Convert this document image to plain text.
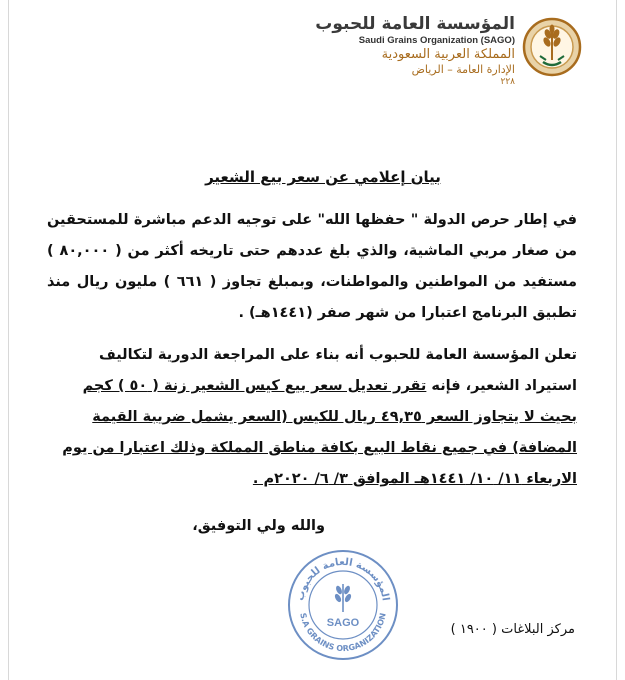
المؤسسة العامة للحبوب
Saudi Grains Organization (SAGO)
المملكة العربية السعودية
الإدارة العامة – الرياض
٢٢٨
بيان إعلامي عن سعر بيع الشعير
في إطار حرص الدولة " حفظها الله" على توجيه الدعم مباشرة للمستحقين من صغار مربي الماشية، والذي بلغ عددهم حتى تاريخه أكثر من ( ٨٠,٠٠٠ ) مستفيد من المواطنين والمواطنات، وبمبلغ تجاوز ( ٦٦١ ) مليون ريال منذ تطبيق البرنامج اعتبارا من شهر صفر (١٤٤١هـ) .
تعلن المؤسسة العامة للحبوب أنه بناء على المراجعة الدورية لتكاليف
استيراد الشعير، فإنه تقرر تعديل سعر بيع كيس الشعير زنة ( ٥٠ ) كجم
بحيث لا يتجاوز السعر ٤٩,٣٥ ريال للكيس (السعر يشمل ضريبة القيمة
المضافة) في جميع نقاط البيع بكافة مناطق المملكة وذلك اعتبارا من يوم
الاربعاء ١١/ ١٠/ ١٤٤١هـ الموافق ٣/ ٦/ ٢٠٢٠م .
والله ولي التوفيق،
المؤسسة العامة للحبوب
S.A GRAINS ORGANIZATION
SAGO	مركز البلاغات ( ١٩٠٠ )
